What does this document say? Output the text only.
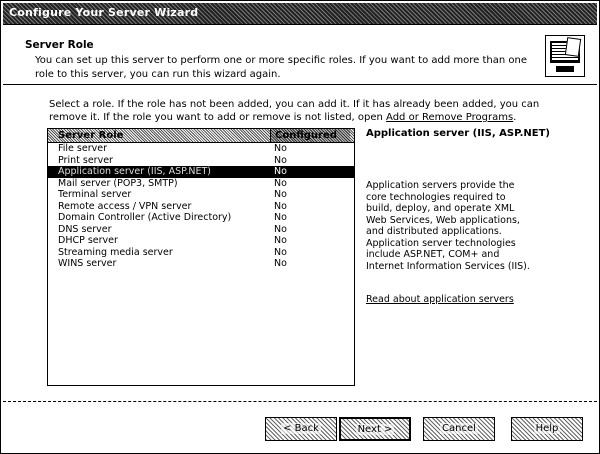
Configure Your Server Wizard
Server Role
You can set up this server to perform one or more specific roles. If you want to add more than one role to this server, you can run this wizard again.
Select a role. If the role has not been added, you can add it. If it has already been added, you can remove it. If the role you want to add or remove is not listed, open Add or Remove Programs.
Server Role	Configured
File server	No
Print server	No
Application server (IIS, ASP.NET)	No
Mail server (POP3, SMTP)	No
Terminal server	No
Remote access / VPN server	No
Domain Controller (Active Directory)	No
DNS server	No
DHCP server	No
Streaming media server	No
WINS server	No
Application server (IIS, ASP.NET)
Application servers provide the core technologies required to build, deploy, and operate XML Web Services, Web applications, and distributed applications. Application server technologies include ASP.NET, COM+ and Internet Information Services (IIS).
Read about application servers
< Back	Next >	Cancel	Help
